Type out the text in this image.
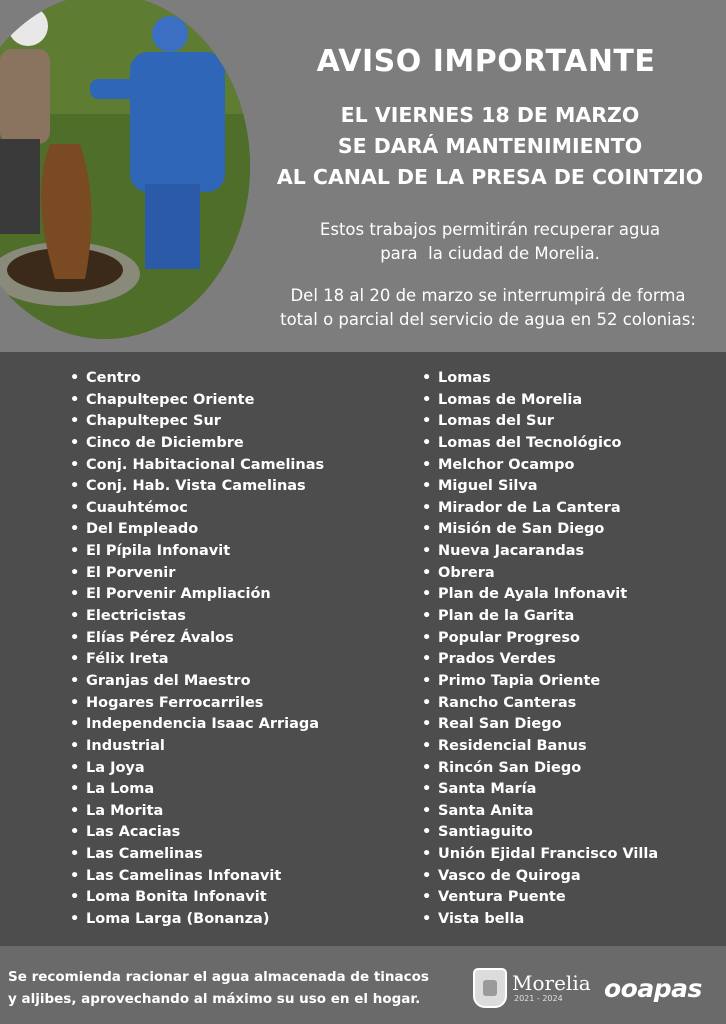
AVISO IMPORTANTE
EL VIERNES 18 DE MARZO
SE DARÁ MANTENIMIENTO
AL CANAL DE LA PRESA DE COINTZIO
Estos trabajos permitirán recuperar agua
para  la ciudad de Morelia.
Del 18 al 20 de marzo se interrumpirá de forma
total o parcial del servicio de agua en 52 colonias:
• Centro
• Chapultepec Oriente
• Chapultepec Sur
• Cinco de Diciembre
• Conj. Habitacional Camelinas
• Conj. Hab. Vista Camelinas
• Cuauhtémoc
• Del Empleado
• El Pípila Infonavit
• El Porvenir
• El Porvenir Ampliación
• Electricistas
• Elías Pérez Ávalos
• Félix Ireta
• Granjas del Maestro
• Hogares Ferrocarriles
• Independencia Isaac Arriaga
• Industrial
• La Joya
• La Loma
• La Morita
• Las Acacias
• Las Camelinas
• Las Camelinas Infonavit
• Loma Bonita Infonavit
• Loma Larga (Bonanza)
• Lomas
• Lomas de Morelia
• Lomas del Sur
• Lomas del Tecnológico
• Melchor Ocampo
• Miguel Silva
• Mirador de La Cantera
• Misión de San Diego
• Nueva Jacarandas
• Obrera
• Plan de Ayala Infonavit
• Plan de la Garita
• Popular Progreso
• Prados Verdes
• Primo Tapia Oriente
• Rancho Canteras
• Real San Diego
• Residencial Banus
• Rincón San Diego
• Santa María
• Santa Anita
• Santiaguito
• Unión Ejidal Francisco Villa
• Vasco de Quiroga
• Ventura Puente
• Vista bella
Se recomienda racionar el agua almacenada de tinacos
y aljibes, aprovechando al máximo su uso en el hogar.
Morelia
2021 - 2024	ooapas
